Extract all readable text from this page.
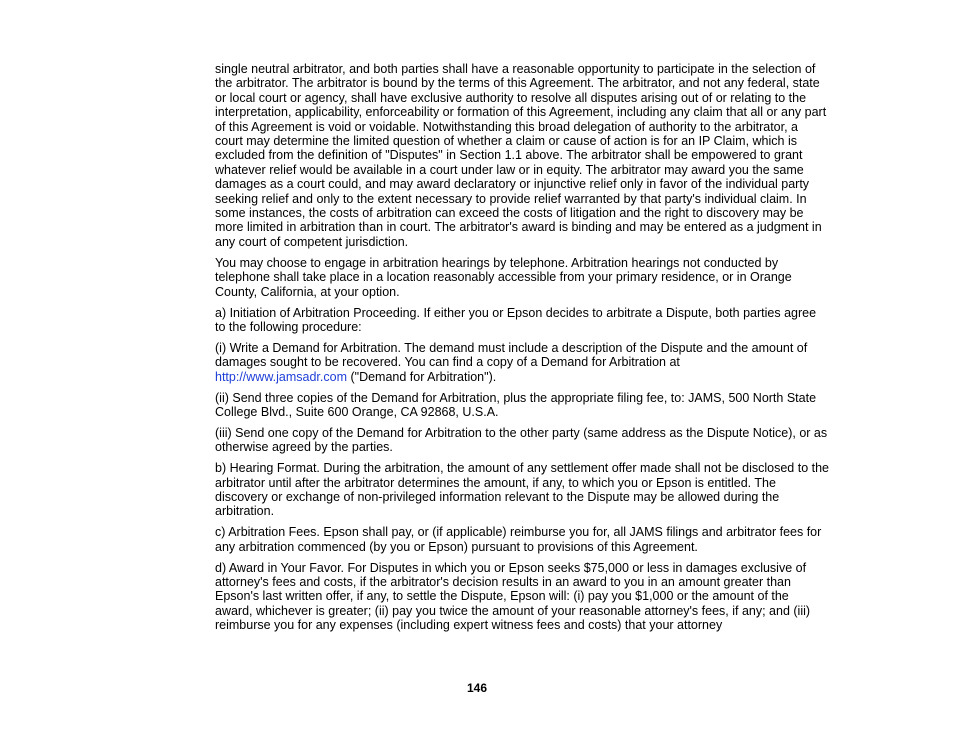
single neutral arbitrator, and both parties shall have a reasonable opportunity to participate in the selection of the arbitrator. The arbitrator is bound by the terms of this Agreement. The arbitrator, and not any federal, state or local court or agency, shall have exclusive authority to resolve all disputes arising out of or relating to the interpretation, applicability, enforceability or formation of this Agreement, including any claim that all or any part of this Agreement is void or voidable. Notwithstanding this broad delegation of authority to the arbitrator, a court may determine the limited question of whether a claim or cause of action is for an IP Claim, which is excluded from the definition of "Disputes" in Section 1.1 above. The arbitrator shall be empowered to grant whatever relief would be available in a court under law or in equity. The arbitrator may award you the same damages as a court could, and may award declaratory or injunctive relief only in favor of the individual party seeking relief and only to the extent necessary to provide relief warranted by that party's individual claim. In some instances, the costs of arbitration can exceed the costs of litigation and the right to discovery may be more limited in arbitration than in court. The arbitrator's award is binding and may be entered as a judgment in any court of competent jurisdiction.

You may choose to engage in arbitration hearings by telephone. Arbitration hearings not conducted by telephone shall take place in a location reasonably accessible from your primary residence, or in Orange County, California, at your option.

a) Initiation of Arbitration Proceeding. If either you or Epson decides to arbitrate a Dispute, both parties agree to the following procedure:

(i) Write a Demand for Arbitration. The demand must include a description of the Dispute and the amount of damages sought to be recovered. You can find a copy of a Demand for Arbitration at
http://www.jamsadr.com ("Demand for Arbitration").

(ii) Send three copies of the Demand for Arbitration, plus the appropriate filing fee, to: JAMS, 500 North State College Blvd., Suite 600 Orange, CA 92868, U.S.A.

(iii) Send one copy of the Demand for Arbitration to the other party (same address as the Dispute Notice), or as otherwise agreed by the parties.

b) Hearing Format. During the arbitration, the amount of any settlement offer made shall not be disclosed to the arbitrator until after the arbitrator determines the amount, if any, to which you or Epson is entitled. The discovery or exchange of non-privileged information relevant to the Dispute may be allowed during the arbitration.

c) Arbitration Fees. Epson shall pay, or (if applicable) reimburse you for, all JAMS filings and arbitrator fees for any arbitration commenced (by you or Epson) pursuant to provisions of this Agreement.

d) Award in Your Favor. For Disputes in which you or Epson seeks $75,000 or less in damages exclusive of attorney's fees and costs, if the arbitrator's decision results in an award to you in an amount greater than Epson's last written offer, if any, to settle the Dispute, Epson will: (i) pay you $1,000 or the amount of the award, whichever is greater; (ii) pay you twice the amount of your reasonable attorney's fees, if any; and (iii) reimburse you for any expenses (including expert witness fees and costs) that your attorney

146
